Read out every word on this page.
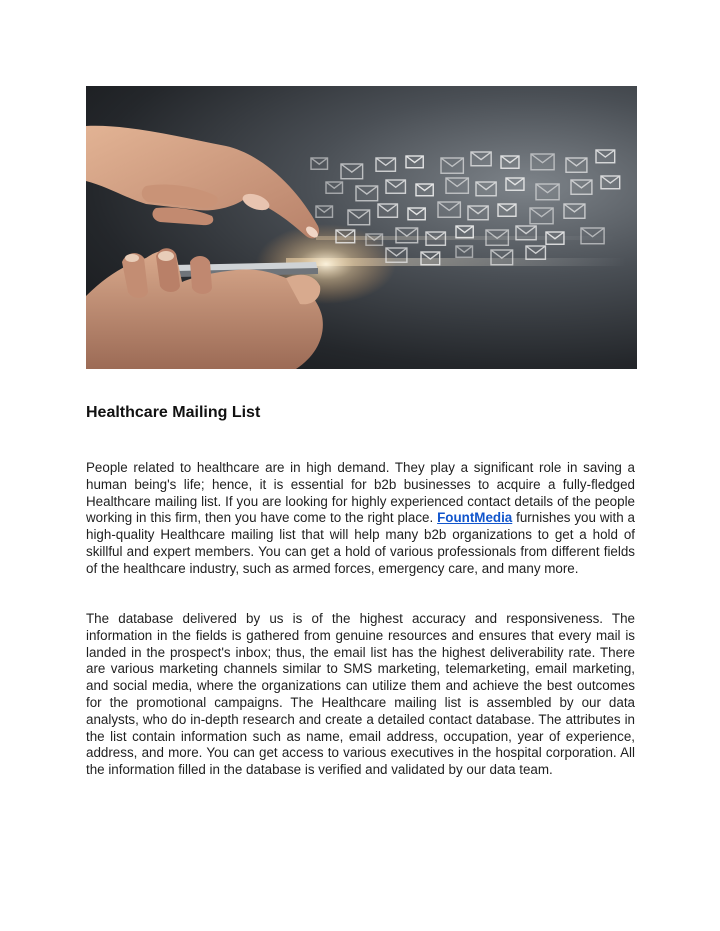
Healthcare Mailing List

People related to healthcare are in high demand. They play a significant role in saving a human being's life; hence, it is essential for b2b businesses to acquire a fully-fledged Healthcare mailing list. If you are looking for highly experienced contact details of the people working in this firm, then you have come to the right place. FountMedia furnishes you with a high-quality Healthcare mailing list that will help many b2b organizations to get a hold of skillful and expert members. You can get a hold of various professionals from different fields of the healthcare industry, such as armed forces, emergency care, and many more.

The database delivered by us is of the highest accuracy and responsiveness. The information in the fields is gathered from genuine resources and ensures that every mail is landed in the prospect's inbox; thus, the email list has the highest deliverability rate. There are various marketing channels similar to SMS marketing, telemarketing, email marketing, and social media, where the organizations can utilize them and achieve the best outcomes for the promotional campaigns. The Healthcare mailing list is assembled by our data analysts, who do in-depth research and create a detailed contact database. The attributes in the list contain information such as name, email address, occupation, year of experience, address, and more. You can get access to various executives in the hospital corporation. All the information filled in the database is verified and validated by our data team.
